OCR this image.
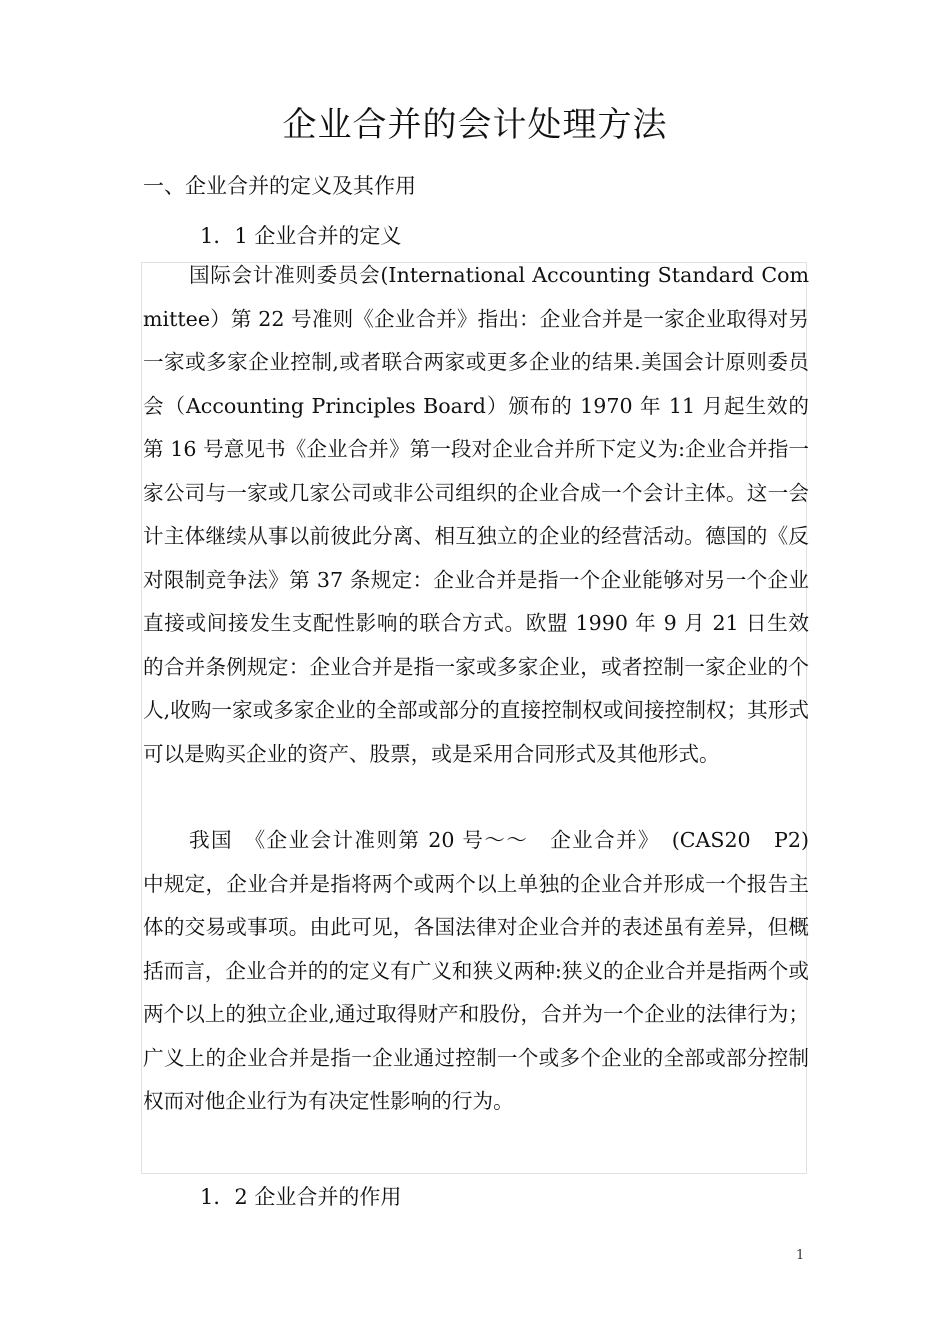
企业合并的会计处理方法
一、企业合并的定义及其作用
1．1 企业合并的定义

国际会计准则委员会(International Accounting Standard Committee）第 22 号准则《企业合并》指出：企业合并是一家企业取得对另一家或多家企业控制,或者联合两家或更多企业的结果.美国会计原则委员会（Accounting Principles Board）颁布的 1970 年 11 月起生效的第 16 号意见书《企业合并》第一段对企业合并所下定义为:企业合并指一家公司与一家或几家公司或非公司组织的企业合成一个会计主体。这一会计主体继续从事以前彼此分离、相互独立的企业的经营活动。德国的《反对限制竞争法》第 37 条规定：企业合并是指一个企业能够对另一个企业直接或间接发生支配性影响的联合方式。欧盟 1990 年 9 月 21 日生效的合并条例规定：企业合并是指一家或多家企业，或者控制一家企业的个人,收购一家或多家企业的全部或部分的直接控制权或间接控制权；其形式可以是购买企业的资产、股票，或是采用合同形式及其他形式。

我国　《企业会计准则第 20 号～～　企业合并》　(CAS20　P2)　中规定，企业合并是指将两个或两个以上单独的企业合并形成一个报告主体的交易或事项。由此可见，各国法律对企业合并的表述虽有差异，但概括而言，企业合并的的定义有广义和狭义两种:狭义的企业合并是指两个或两个以上的独立企业,通过取得财产和股份，合并为一个企业的法律行为；广义上的企业合并是指一企业通过控制一个或多个企业的全部或部分控制权而对他企业行为有决定性影响的行为。

1．2 企业合并的作用
1
